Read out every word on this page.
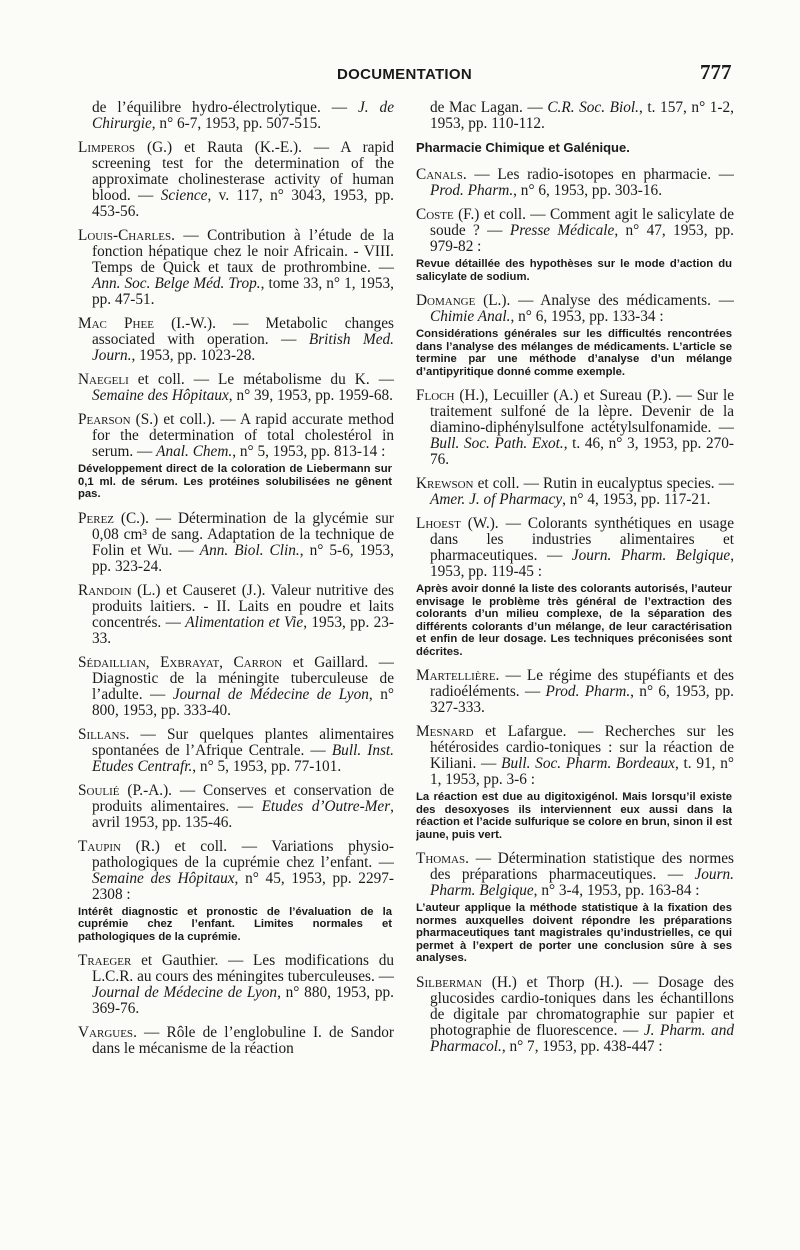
DOCUMENTATION	777

de l’équilibre hydro-électrolytique. — J. de Chirurgie, n° 6-7, 1953, pp. 507-515.

Limperos (G.) et Rauta (K.-E.). — A rapid screening test for the determination of the approximate cholinesterase activity of human blood. — Science, v. 117, n° 3043, 1953, pp. 453-56.

Louis-Charles. — Contribution à l’étude de la fonction hépatique chez le noir Africain. - VIII. Temps de Quick et taux de prothrombine. — Ann. Soc. Belge Méd. Trop., tome 33, n° 1, 1953, pp. 47-51.

Mac Phee (I.-W.). — Metabolic changes associated with operation. — British Med. Journ., 1953, pp. 1023-28.

Naegeli et coll. — Le métabolisme du K. — Semaine des Hôpitaux, n° 39, 1953, pp. 1959-68.

Pearson (S.) et coll.). — A rapid accurate method for the determination of total cholestérol in serum. — Anal. Chem., n° 5, 1953, pp. 813-14 :

Développement direct de la coloration de Liebermann sur 0,1 ml. de sérum. Les protéines solubilisées ne gênent pas.

Perez (C.). — Détermination de la glycémie sur 0,08 cm³ de sang. Adaptation de la technique de Folin et Wu. — Ann. Biol. Clin., n° 5-6, 1953, pp. 323-24.

Randoin (L.) et Causeret (J.). Valeur nutritive des produits laitiers. - II. Laits en poudre et laits concentrés. — Alimentation et Vie, 1953, pp. 23-33.

Sédaillian, Exbrayat, Carron et Gaillard. — Diagnostic de la méningite tuberculeuse de l’adulte. — Journal de Médecine de Lyon, n° 800, 1953, pp. 333-40.

Sillans. — Sur quelques plantes alimentaires spontanées de l’Afrique Centrale. — Bull. Inst. Etudes Centrafr., n° 5, 1953, pp. 77-101.

Soulié (P.-A.). — Conserves et conservation de produits alimentaires. — Etudes d’Outre-Mer, avril 1953, pp. 135-46.

Taupin (R.) et coll. — Variations physio-pathologiques de la cuprémie chez l’enfant. — Semaine des Hôpitaux, n° 45, 1953, pp. 2297-2308 :

Intérêt diagnostic et pronostic de l’évaluation de la cuprémie chez l’enfant. Limites normales et pathologiques de la cuprémie.

Traeger et Gauthier. — Les modifications du L.C.R. au cours des méningites tuberculeuses. — Journal de Médecine de Lyon, n° 880, 1953, pp. 369-76.

Vargues. — Rôle de l’englobuline I. de Sandor dans le mécanisme de la réaction

de Mac Lagan. — C.R. Soc. Biol., t. 157, n° 1-2, 1953, pp. 110-112.

Pharmacie Chimique et Galénique.

Canals. — Les radio-isotopes en pharmacie. — Prod. Pharm., n° 6, 1953, pp. 303-16.

Coste (F.) et coll. — Comment agit le salicylate de soude ? — Presse Médicale, n° 47, 1953, pp. 979-82 :

Revue détaillée des hypothèses sur le mode d’action du salicylate de sodium.

Domange (L.). — Analyse des médicaments. — Chimie Anal., n° 6, 1953, pp. 133-34 :

Considérations générales sur les difficultés rencontrées dans l’analyse des mélanges de médicaments. L’article se termine par une méthode d’analyse d’un mélange d’antipyritique donné comme exemple.

Floch (H.), Lecuiller (A.) et Sureau (P.). — Sur le traitement sulfoné de la lèpre. Devenir de la diamino-diphénylsulfone actétylsulfonamide. — Bull. Soc. Path. Exot., t. 46, n° 3, 1953, pp. 270-76.

Krewson et coll. — Rutin in eucalyptus species. — Amer. J. of Pharmacy, n° 4, 1953, pp. 117-21.

Lhoest (W.). — Colorants synthétiques en usage dans les industries alimentaires et pharmaceutiques. — Journ. Pharm. Belgique, 1953, pp. 119-45 :

Après avoir donné la liste des colorants autorisés, l’auteur envisage le problème très général de l’extraction des colorants d’un milieu complexe, de la séparation des différents colorants d’un mélange, de leur caractérisation et enfin de leur dosage. Les techniques préconisées sont décrites.

Martellière. — Le régime des stupéfiants et des radioéléments. — Prod. Pharm., n° 6, 1953, pp. 327-333.

Mesnard et Lafargue. — Recherches sur les hétérosides cardio-toniques : sur la réaction de Kiliani. — Bull. Soc. Pharm. Bordeaux, t. 91, n° 1, 1953, pp. 3-6 :

La réaction est due au digitoxigénol. Mais lorsqu’il existe des desoxyoses ils interviennent eux aussi dans la réaction et l’acide sulfurique se colore en brun, sinon il est jaune, puis vert.

Thomas. — Détermination statistique des normes des préparations pharmaceutiques. — Journ. Pharm. Belgique, n° 3-4, 1953, pp. 163-84 :

L’auteur applique la méthode statistique à la fixation des normes auxquelles doivent répondre les préparations pharmaceutiques tant magistrales qu’industrielles, ce qui permet à l’expert de porter une conclusion sûre à ses analyses.

Silberman (H.) et Thorp (H.). — Dosage des glucosides cardio-toniques dans les échantillons de digitale par chromatographie sur papier et photographie de fluorescence. — J. Pharm. and Pharmacol., n° 7, 1953, pp. 438-447 :
